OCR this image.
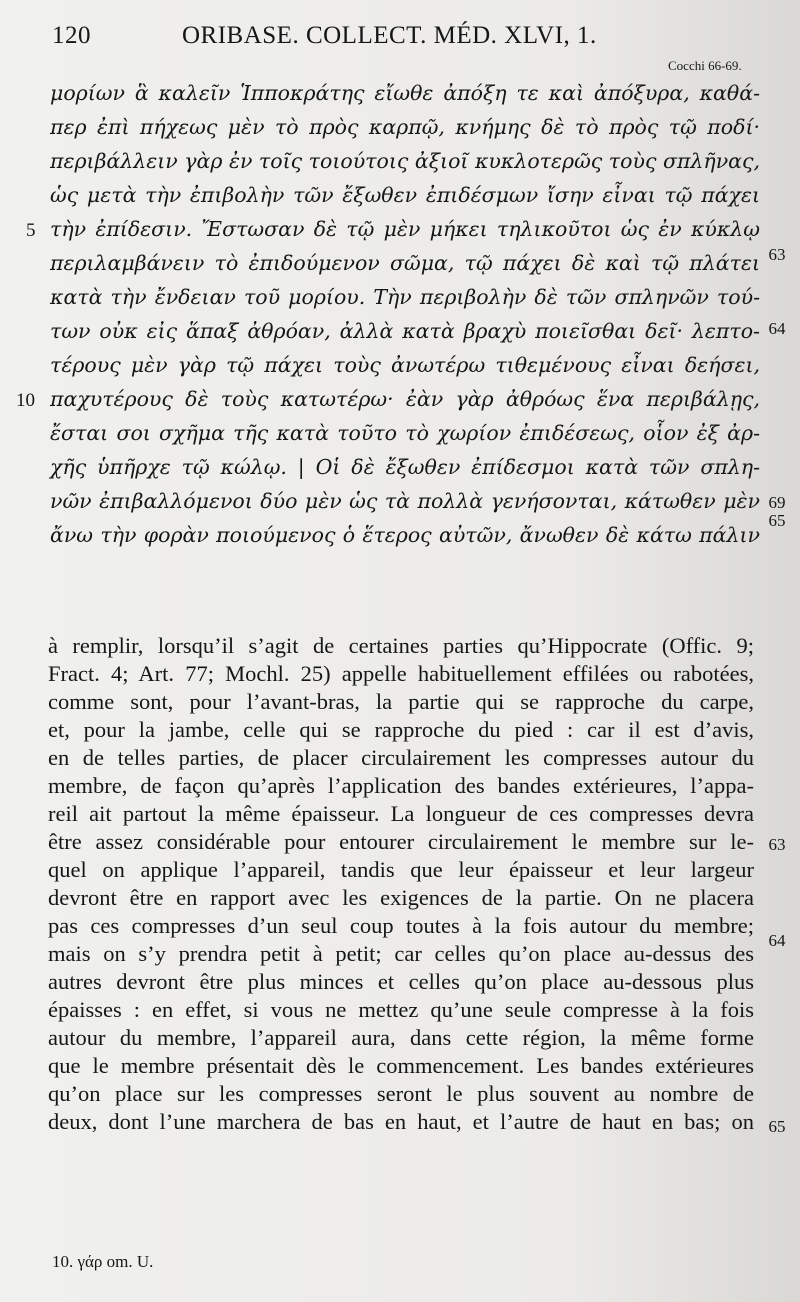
120	ORIBASE. COLLECT. MÉD. XLVI, 1.
Cocchi 66-69.
μορίων ἃ καλεῖν Ἱπποκράτης εἴωθε ἀπόξη τε καὶ ἀπόξυρα, καθά-
περ ἐπὶ πήχεως μὲν τὸ πρὸς καρπῷ, κνήμης δὲ τὸ πρὸς τῷ ποδί·
περιβάλλειν γὰρ ἐν τοῖς τοιούτοις ἀξιοῖ κυκλοτερῶς τοὺς σπλῆνας,
ὡς μετὰ τὴν ἐπιβολὴν τῶν ἔξωθεν ἐπιδέσμων ἴσην εἶναι τῷ πάχει
τὴν ἐπίδεσιν. Ἔστωσαν δὲ τῷ μὲν μήκει τηλικοῦτοι ὡς ἐν κύκλῳ
περιλαμβάνειν τὸ ἐπιδούμενον σῶμα, τῷ πάχει δὲ καὶ τῷ πλάτει
κατὰ τὴν ἔνδειαν τοῦ μορίου. Τὴν περιβολὴν δὲ τῶν σπληνῶν τού-
των οὐκ εἰς ἅπαξ ἀθρόαν, ἀλλὰ κατὰ βραχὺ ποιεῖσθαι δεῖ· λεπτο-
τέρους μὲν γὰρ τῷ πάχει τοὺς ἀνωτέρω τιθεμένους εἶναι δεήσει,
παχυτέρους δὲ τοὺς κατωτέρω· ἐὰν γὰρ ἀθρόως ἕνα περιβάλῃς,
ἔσται σοι σχῆμα τῆς κατὰ τοῦτο τὸ χωρίον ἐπιδέσεως, οἷον ἐξ ἀρ-
χῆς ὑπῆρχε τῷ κώλῳ. | Οἱ δὲ ἔξωθεν ἐπίδεσμοι κατὰ τῶν σπλη-
νῶν ἐπιβαλλόμενοι δύο μὲν ὡς τὰ πολλὰ γενήσονται, κάτωθεν μὲν
ἄνω τὴν φορὰν ποιούμενος ὁ ἕτερος αὐτῶν, ἄνωθεν δὲ κάτω πάλιν
5
10
63
64
69
65
à remplir, lorsqu’il s’agit de certaines parties qu’Hippocrate (Offic. 9;
Fract. 4; Art. 77; Mochl. 25) appelle habituellement effilées ou rabotées,
comme sont, pour l’avant-bras, la partie qui se rapproche du carpe,
et, pour la jambe, celle qui se rapproche du pied : car il est d’avis,
en de telles parties, de placer circulairement les compresses autour du
membre, de façon qu’après l’application des bandes extérieures, l’appa-
reil ait partout la même épaisseur. La longueur de ces compresses devra
être assez considérable pour entourer circulairement le membre sur le-
quel on applique l’appareil, tandis que leur épaisseur et leur largeur
devront être en rapport avec les exigences de la partie. On ne placera
pas ces compresses d’un seul coup toutes à la fois autour du membre;
mais on s’y prendra petit à petit; car celles qu’on place au-dessus des
autres devront être plus minces et celles qu’on place au-dessous plus
épaisses : en effet, si vous ne mettez qu’une seule compresse à la fois
autour du membre, l’appareil aura, dans cette région, la même forme
que le membre présentait dès le commencement. Les bandes extérieures
qu’on place sur les compresses seront le plus souvent au nombre de
deux, dont l’une marchera de bas en haut, et l’autre de haut en bas; on
63
64
65
10. γάρ om. U.
